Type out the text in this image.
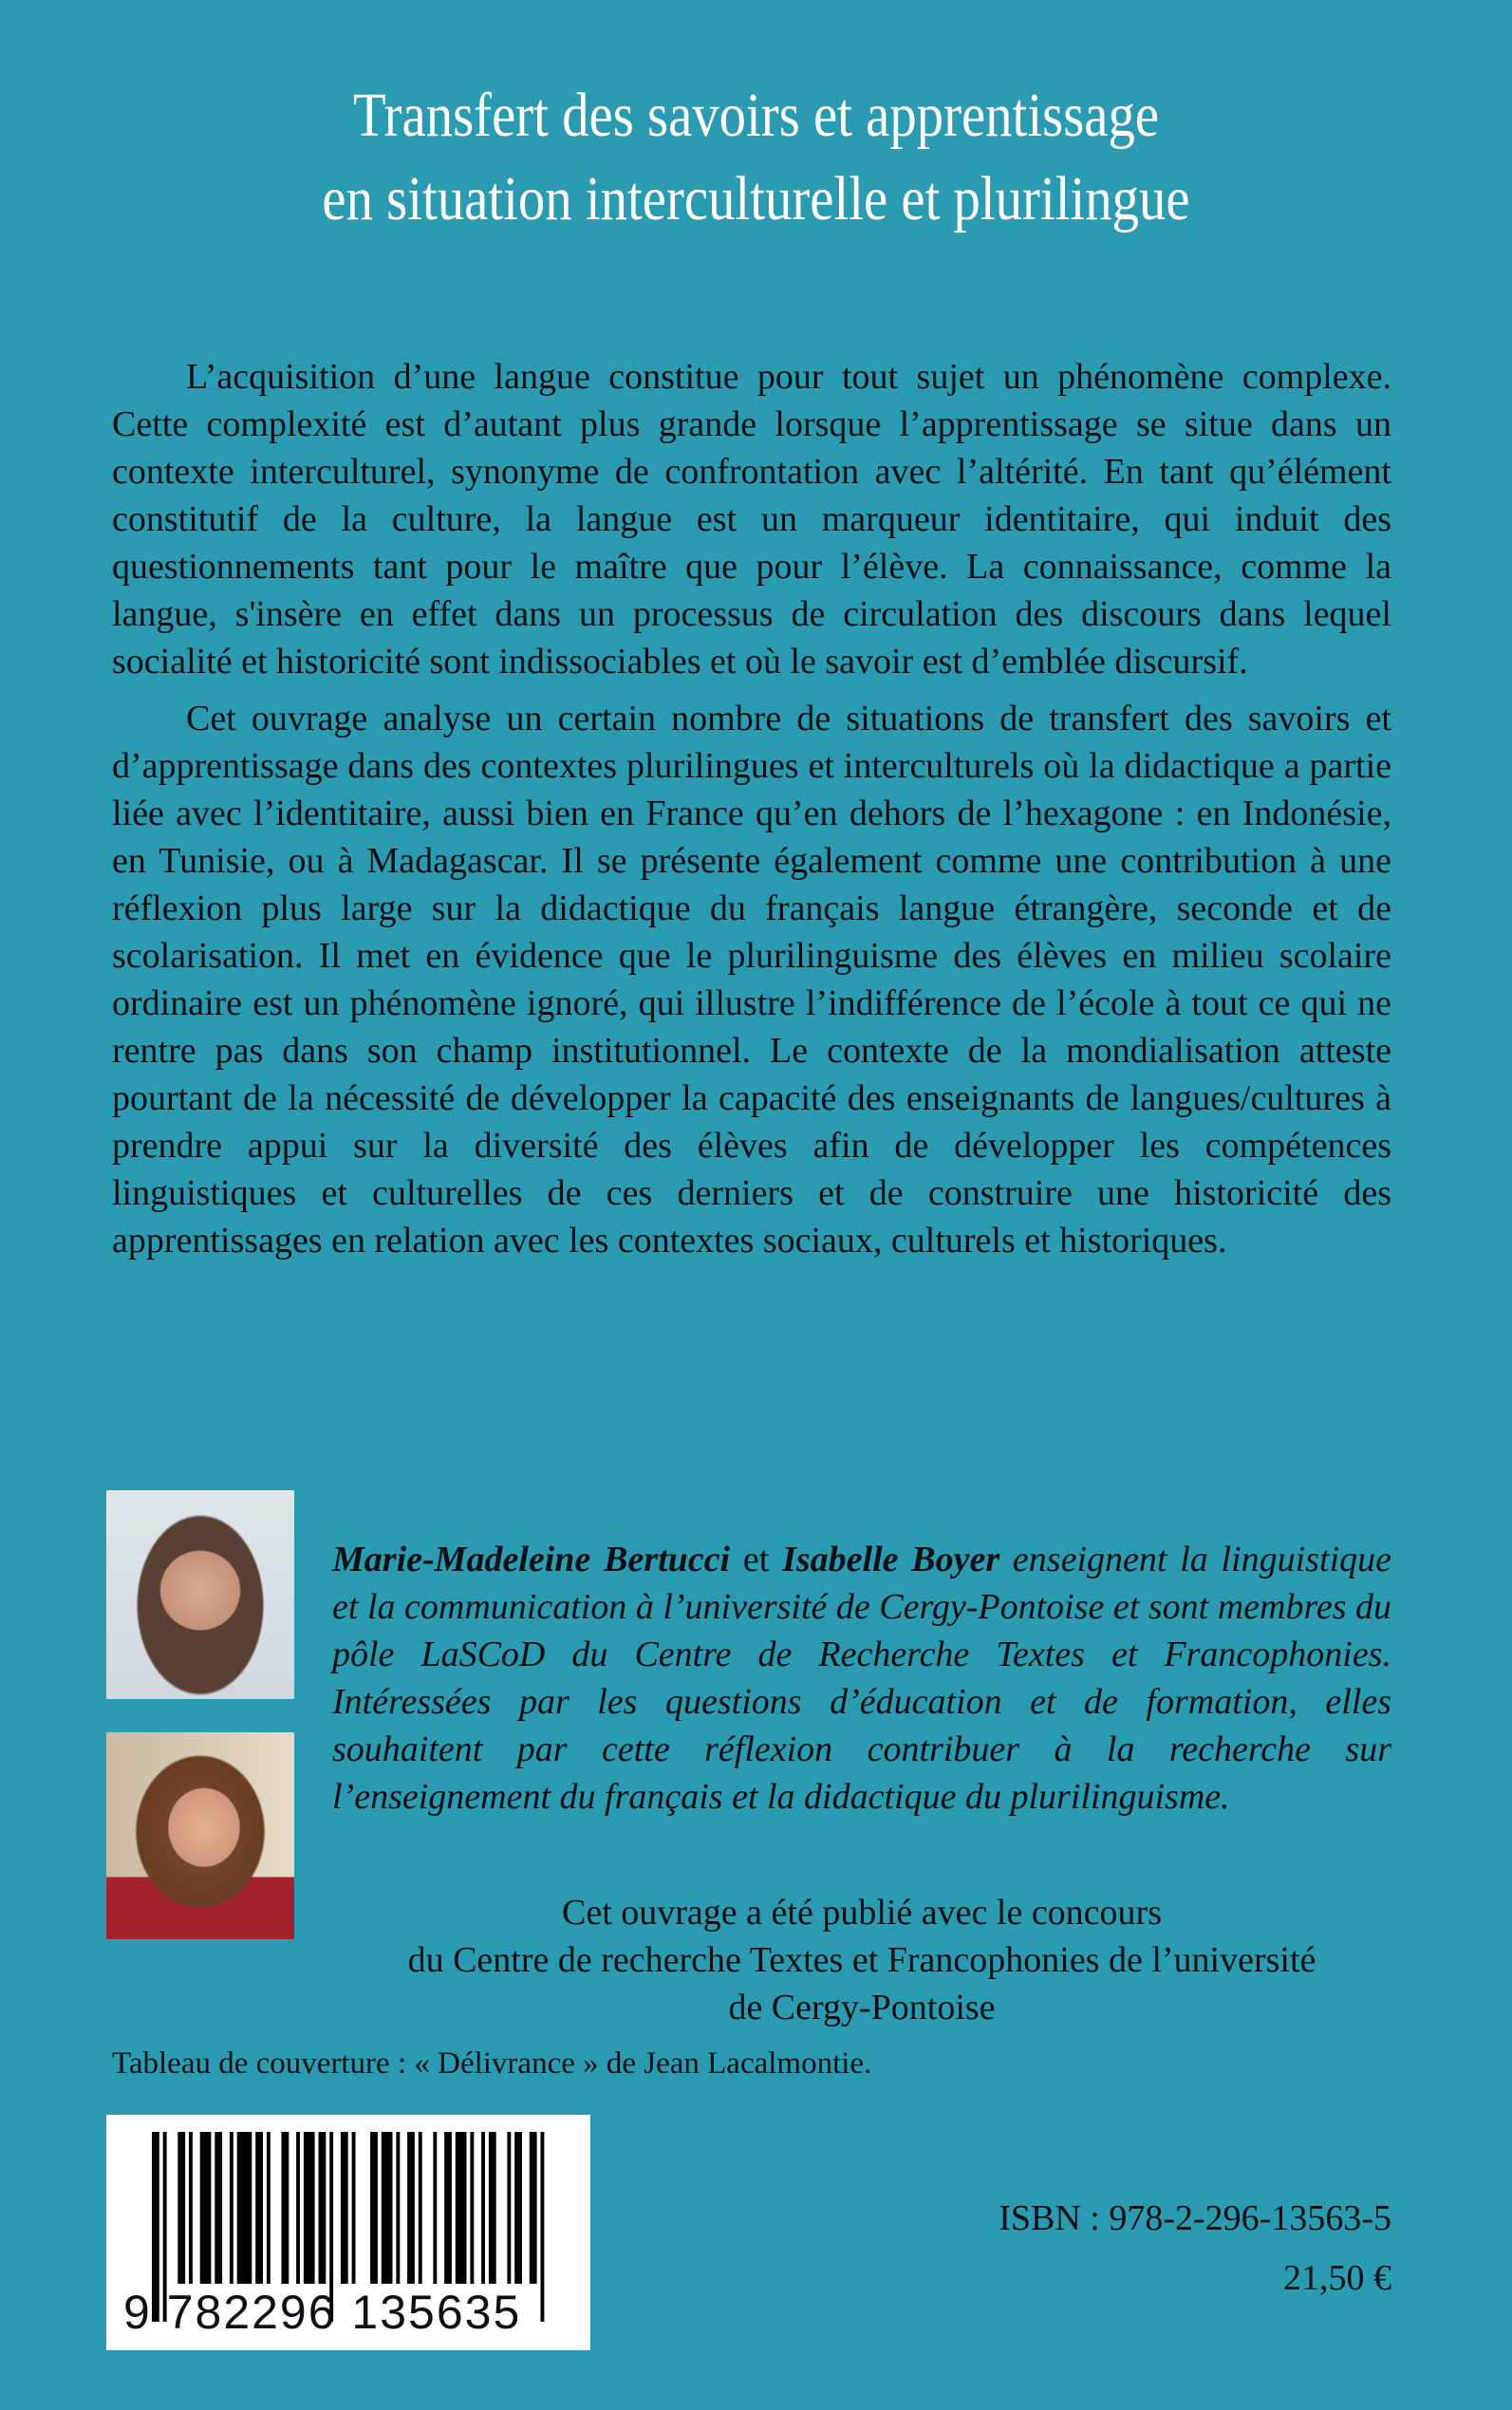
Transfert des savoirs et apprentissage
en situation interculturelle et plurilingue

L’acquisition d’une langue constitue pour tout sujet un phénomène complexe. Cette complexité est d’autant plus grande lorsque l’apprentissage se situe dans un contexte interculturel, synonyme de confrontation avec l’altérité. En tant qu’élément constitutif de la culture, la langue est un marqueur identitaire, qui induit des questionnements tant pour le maître que pour l’élève. La connaissance, comme la langue, s'insère en effet dans un processus de circulation des discours dans lequel socialité et historicité sont indissociables et où le savoir est d’emblée discursif.

Cet ouvrage analyse un certain nombre de situations de transfert des savoirs et d’apprentissage dans des contextes plurilingues et interculturels où la didactique a partie liée avec l’identitaire, aussi bien en France qu’en dehors de l’hexagone : en Indonésie, en Tunisie, ou à Madagascar. Il se présente également comme une contribution à une réflexion plus large sur la didactique du français langue étrangère, seconde et de scolarisation. Il met en évidence que le plurilinguisme des élèves en milieu scolaire ordinaire est un phénomène ignoré, qui illustre l’indifférence de l’école à tout ce qui ne rentre pas dans son champ institutionnel. Le contexte de la mondialisation atteste pourtant de la nécessité de développer la capacité des enseignants de langues/cultures à prendre appui sur la diversité des élèves afin de développer les compétences linguistiques et culturelles de ces derniers et de construire une historicité des apprentissages en relation avec les contextes sociaux, culturels et historiques.

Marie-Madeleine Bertucci et Isabelle Boyer enseignent la linguistique et la communication à l’université de Cergy-Pontoise et sont membres du pôle LaSCoD du Centre de Recherche Textes et Francophonies. Intéressées par les questions d’éducation et de formation, elles souhaitent par cette réflexion contribuer à la recherche sur l’enseignement du français et la didactique du plurilinguisme.
Cet ouvrage a été publié avec le concours
du Centre de recherche Textes et Francophonies de l’université
de Cergy-Pontoise
Tableau de couverture : « Délivrance » de Jean Lacalmontie.
9 782296 135635
ISBN : 978-2-296-13563-5
21,50 €
